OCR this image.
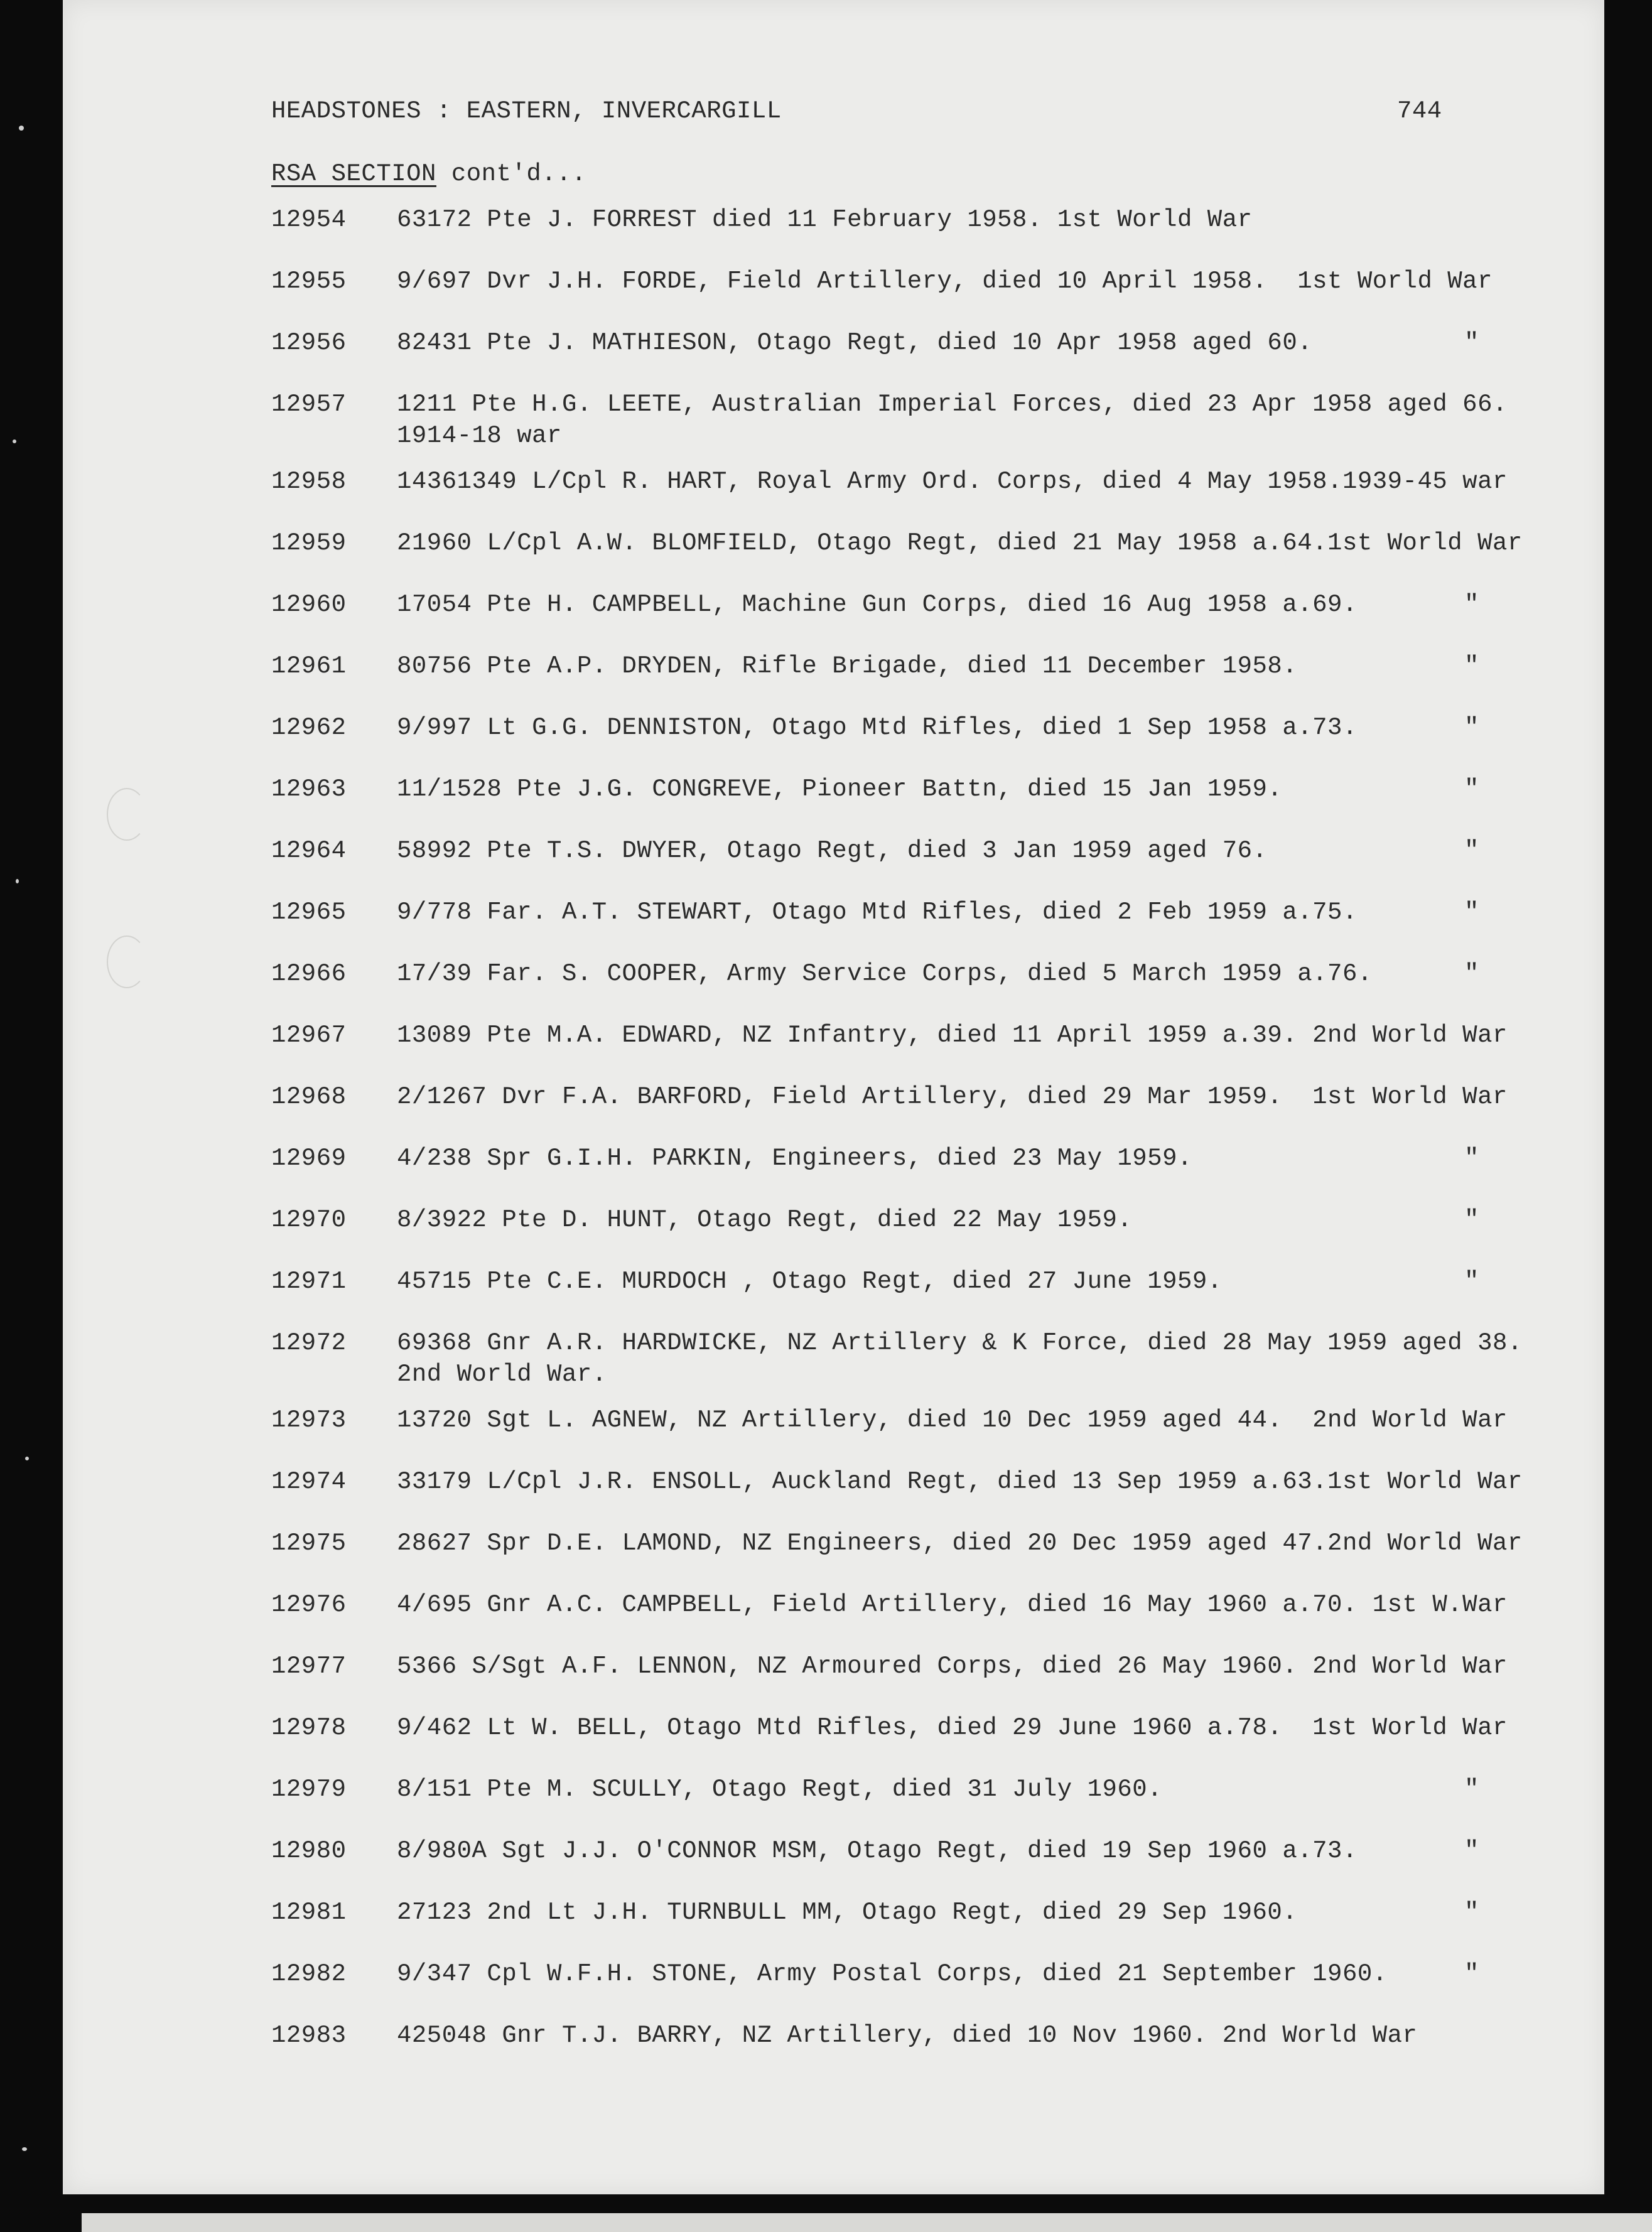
HEADSTONES : EASTERN, INVERCARGILL	744
RSA SECTION cont'd...
12954	63172 Pte J. FORREST died 11 February 1958. 1st World War
12955	9/697 Dvr J.H. FORDE, Field Artillery, died 10 April 1958.  1st World War
12956	82431 Pte J. MATHIESON, Otago Regt, died 10 Apr 1958 aged 60.	"
12957	1211 Pte H.G. LEETE, Australian Imperial Forces, died 23 Apr 1958 aged 66.
1914-18 war
12958	14361349 L/Cpl R. HART, Royal Army Ord. Corps, died 4 May 1958.1939-45 war
12959	21960 L/Cpl A.W. BLOMFIELD, Otago Regt, died 21 May 1958 a.64.1st World War
12960	17054 Pte H. CAMPBELL, Machine Gun Corps, died 16 Aug 1958 a.69.	"
12961	80756 Pte A.P. DRYDEN, Rifle Brigade, died 11 December 1958.	"
12962	9/997 Lt G.G. DENNISTON, Otago Mtd Rifles, died 1 Sep 1958 a.73.	"
12963	11/1528 Pte J.G. CONGREVE, Pioneer Battn, died 15 Jan 1959.	"
12964	58992 Pte T.S. DWYER, Otago Regt, died 3 Jan 1959 aged 76.	"
12965	9/778 Far. A.T. STEWART, Otago Mtd Rifles, died 2 Feb 1959 a.75.	"
12966	17/39 Far. S. COOPER, Army Service Corps, died 5 March 1959 a.76.	"
12967	13089 Pte M.A. EDWARD, NZ Infantry, died 11 April 1959 a.39. 2nd World War
12968	2/1267 Dvr F.A. BARFORD, Field Artillery, died 29 Mar 1959.  1st World War
12969	4/238 Spr G.I.H. PARKIN, Engineers, died 23 May 1959.	"
12970	8/3922 Pte D. HUNT, Otago Regt, died 22 May 1959.	"
12971	45715 Pte C.E. MURDOCH , Otago Regt, died 27 June 1959.	"
12972	69368 Gnr A.R. HARDWICKE, NZ Artillery & K Force, died 28 May 1959 aged 38.
2nd World War.
12973	13720 Sgt L. AGNEW, NZ Artillery, died 10 Dec 1959 aged 44.  2nd World War
12974	33179 L/Cpl J.R. ENSOLL, Auckland Regt, died 13 Sep 1959 a.63.1st World War
12975	28627 Spr D.E. LAMOND, NZ Engineers, died 20 Dec 1959 aged 47.2nd World War
12976	4/695 Gnr A.C. CAMPBELL, Field Artillery, died 16 May 1960 a.70. 1st W.War
12977	5366 S/Sgt A.F. LENNON, NZ Armoured Corps, died 26 May 1960. 2nd World War
12978	9/462 Lt W. BELL, Otago Mtd Rifles, died 29 June 1960 a.78.  1st World War
12979	8/151 Pte M. SCULLY, Otago Regt, died 31 July 1960.	"
12980	8/980A Sgt J.J. O'CONNOR MSM, Otago Regt, died 19 Sep 1960 a.73.	"
12981	27123 2nd Lt J.H. TURNBULL MM, Otago Regt, died 29 Sep 1960.	"
12982	9/347 Cpl W.F.H. STONE, Army Postal Corps, died 21 September 1960.	"
12983	425048 Gnr T.J. BARRY, NZ Artillery, died 10 Nov 1960. 2nd World War
